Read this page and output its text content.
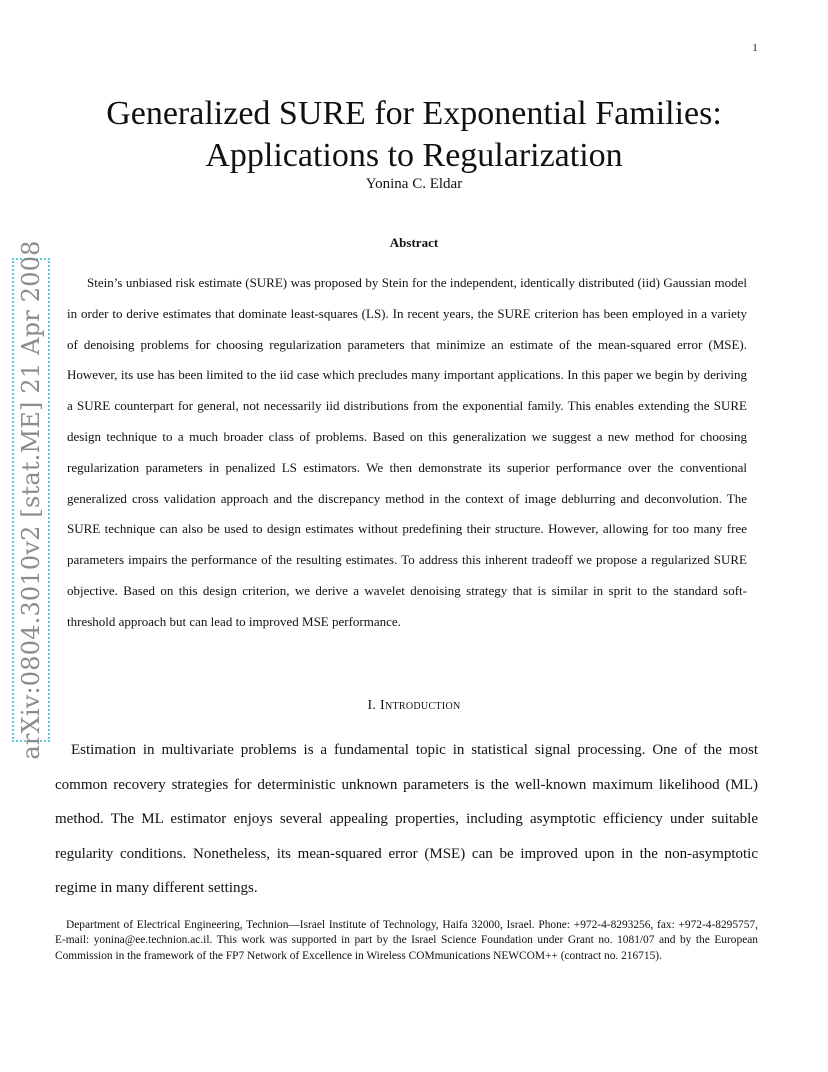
1
arXiv:0804.3010v2 [stat.ME] 21 Apr 2008
Generalized SURE for Exponential Families:
Applications to Regularization
Yonina C. Eldar
Abstract

Stein’s unbiased risk estimate (SURE) was proposed by Stein for the independent, identically distributed (iid) Gaussian model in order to derive estimates that dominate least-squares (LS). In recent years, the SURE criterion has been employed in a variety of denoising problems for choosing regularization parameters that minimize an estimate of the mean-squared error (MSE). However, its use has been limited to the iid case which precludes many important applications. In this paper we begin by deriving a SURE counterpart for general, not necessarily iid distributions from the exponential family. This enables extending the SURE design technique to a much broader class of problems. Based on this generalization we suggest a new method for choosing regularization parameters in penalized LS estimators. We then demonstrate its superior performance over the conventional generalized cross validation approach and the discrepancy method in the context of image deblurring and deconvolution. The SURE technique can also be used to design estimates without predefining their structure. However, allowing for too many free parameters impairs the performance of the resulting estimates. To address this inherent tradeoff we propose a regularized SURE objective. Based on this design criterion, we derive a wavelet denoising strategy that is similar in sprit to the standard soft-threshold approach but can lead to improved MSE performance.

I. Introduction

Estimation in multivariate problems is a fundamental topic in statistical signal processing. One of the most common recovery strategies for deterministic unknown parameters is the well-known maximum likelihood (ML) method. The ML estimator enjoys several appealing properties, including asymptotic efficiency under suitable regularity conditions. Nonetheless, its mean-squared error (MSE) can be improved upon in the non-asymptotic regime in many different settings.

Department of Electrical Engineering, Technion—Israel Institute of Technology, Haifa 32000, Israel. Phone: +972-4-8293256, fax: +972-4-8295757, E-mail: yonina@ee.technion.ac.il. This work was supported in part by the Israel Science Foundation under Grant no. 1081/07 and by the European Commission in the framework of the FP7 Network of Excellence in Wireless COMmunications NEWCOM++ (contract no. 216715).
